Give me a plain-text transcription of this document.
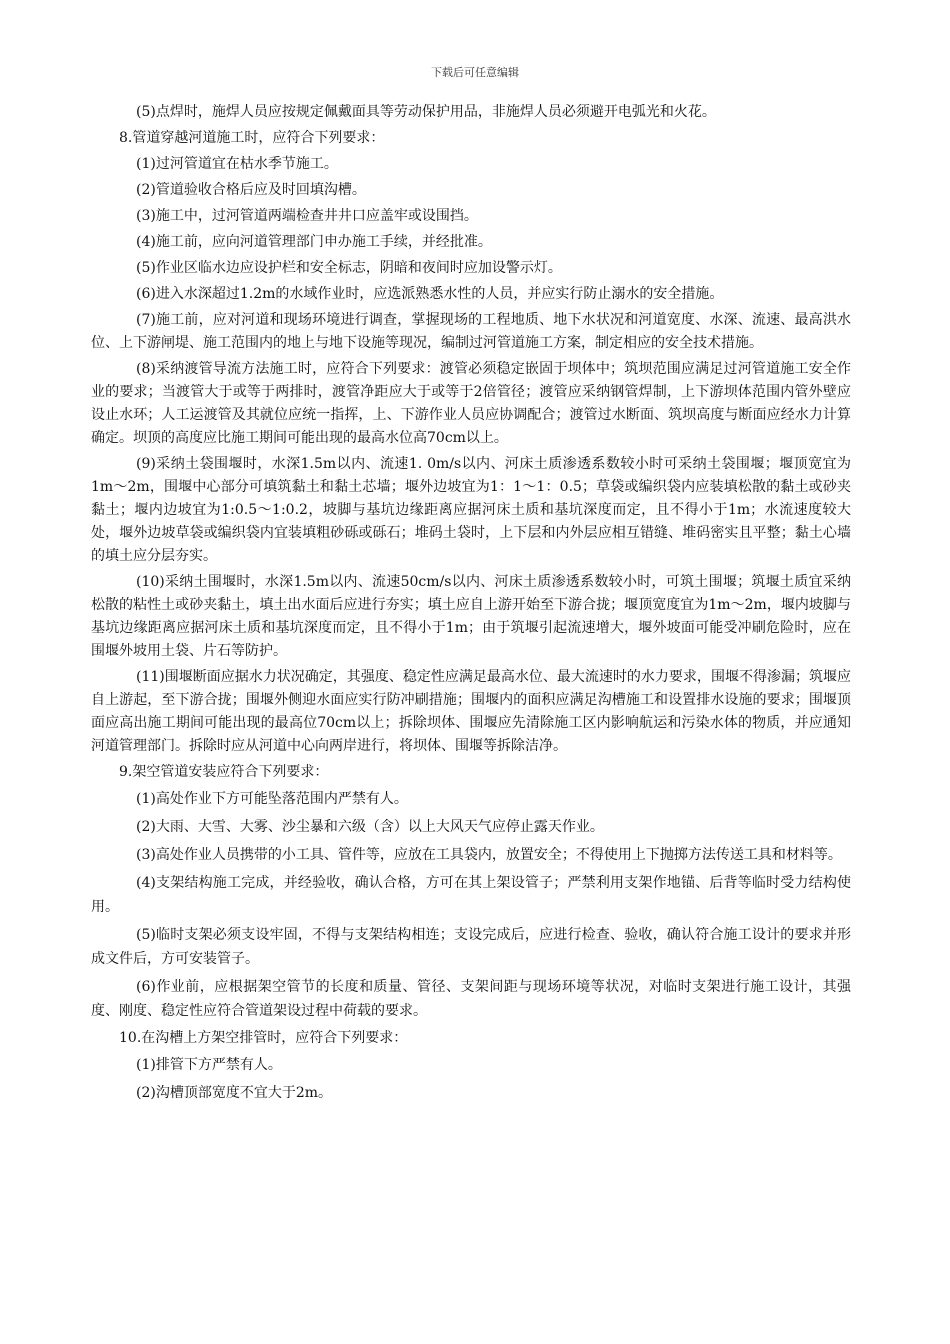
下载后可任意编辑

(5)点焊时，施焊人员应按规定佩戴面具等劳动保护用品，非施焊人员必须避开电弧光和火花。

8.管道穿越河道施工时，应符合下列要求：

(1)过河管道宜在枯水季节施工。

(2)管道验收合格后应及时回填沟槽。

(3)施工中，过河管道两端检查井井口应盖牢或设围挡。

(4)施工前，应向河道管理部门申办施工手续，并经批准。

(5)作业区临水边应设护栏和安全标志，阴暗和夜间时应加设警示灯。

(6)进入水深超过1.2m的水域作业时，应选派熟悉水性的人员，并应实行防止溺水的安全措施。

(7)施工前，应对河道和现场环境进行调查，掌握现场的工程地质、地下水状况和河道宽度、水深、流速、最高洪水位、上下游闸堤、施工范围内的地上与地下设施等现况，编制过河管道施工方案，制定相应的安全技术措施。

(8)采纳渡管导流方法施工时，应符合下列要求：渡管必须稳定嵌固于坝体中；筑坝范围应满足过河管道施工安全作业的要求；当渡管大于或等于两排时，渡管净距应大于或等于2倍管径；渡管应采纳钢管焊制，上下游坝体范围内管外壁应设止水环；人工运渡管及其就位应统一指挥，上、下游作业人员应协调配合；渡管过水断面、筑坝高度与断面应经水力计算确定。坝顶的高度应比施工期间可能出现的最高水位高70cm以上。

(9)采纳土袋围堰时，水深1.5m以内、流速1. 0m/s以内、河床土质渗透系数较小时可采纳土袋围堰；堰顶宽宜为1m～2m，围堰中心部分可填筑黏土和黏土芯墙；堰外边坡宜为1：1～1：0.5；草袋或编织袋内应装填松散的黏土或砂夹黏土；堰内边坡宜为1:0.5～1:0.2，坡脚与基坑边缘距离应据河床土质和基坑深度而定，且不得小于1m；水流速度较大处，堰外边坡草袋或编织袋内宜装填粗砂砾或砾石；堆码土袋时，上下层和内外层应相互错缝、堆码密实且平整；黏土心墙的填土应分层夯实。

(10)采纳土围堰时，水深1.5m以内、流速50cm/s以内、河床土质渗透系数较小时，可筑土围堰；筑堰土质宜采纳松散的粘性土或砂夹黏土，填土出水面后应进行夯实；填土应自上游开始至下游合拢；堰顶宽度宜为1m～2m，堰内坡脚与基坑边缘距离应据河床土质和基坑深度而定，且不得小于1m；由于筑堰引起流速增大，堰外坡面可能受冲刷危险时，应在围堰外坡用土袋、片石等防护。

(11)围堰断面应据水力状况确定，其强度、稳定性应满足最高水位、最大流速时的水力要求，围堰不得渗漏；筑堰应自上游起，至下游合拢；围堰外侧迎水面应实行防冲刷措施；围堰内的面积应满足沟槽施工和设置排水设施的要求；围堰顶面应高出施工期间可能出现的最高位70cm以上；拆除坝体、围堰应先清除施工区内影响航运和污染水体的物质，并应通知河道管理部门。拆除时应从河道中心向两岸进行，将坝体、围堰等拆除洁净。

9.架空管道安装应符合下列要求：

(1)高处作业下方可能坠落范围内严禁有人。

(2)大雨、大雪、大雾、沙尘暴和六级（含）以上大风天气应停止露天作业。

(3)高处作业人员携带的小工具、管件等，应放在工具袋内，放置安全；不得使用上下抛掷方法传送工具和材料等。

(4)支架结构施工完成，并经验收，确认合格，方可在其上架设管子；严禁利用支架作地锚、后背等临时受力结构使用。

(5)临时支架必须支设牢固，不得与支架结构相连；支设完成后，应进行检查、验收，确认符合施工设计的要求并形成文件后，方可安装管子。

(6)作业前，应根据架空管节的长度和质量、管径、支架间距与现场环境等状况，对临时支架进行施工设计，其强度、刚度、稳定性应符合管道架设过程中荷载的要求。

10.在沟槽上方架空排管时，应符合下列要求：

(1)排管下方严禁有人。

(2)沟槽顶部宽度不宜大于2m。
